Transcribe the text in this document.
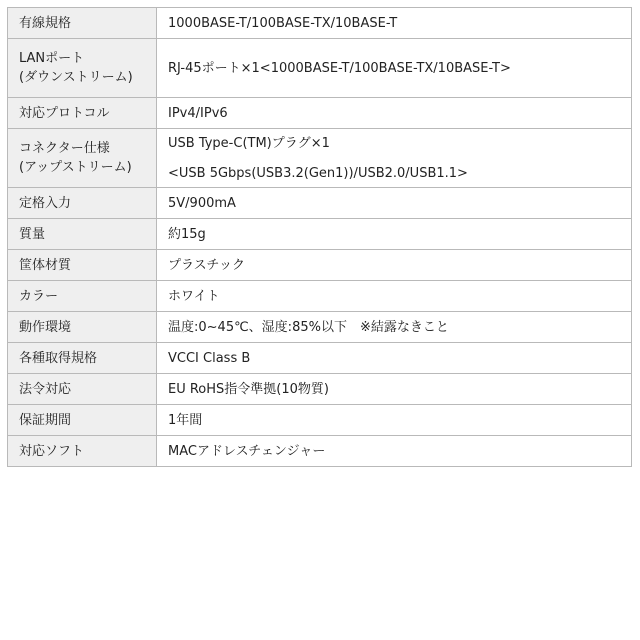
有線規格	1000BASE-T/100BASE-TX/10BASE-T

LANポート
(ダウンストリーム)	RJ-45ポート×1<1000BASE-T/100BASE-TX/10BASE-T>

対応プロトコル	IPv4/IPv6

コネクター仕様
(アップストリーム)	USB Type-C(TM)プラグ×1
<USB 5Gbps(USB3.2(Gen1))/USB2.0/USB1.1>

定格入力	5V/900mA

質量	約15g

筐体材質	プラスチック

カラー	ホワイト

動作環境	温度:0~45℃、湿度:85%以下　※結露なきこと

各種取得規格	VCCI Class B

法令対応	EU RoHS指令準拠(10物質)

保証期間	1年間

対応ソフト	MACアドレスチェンジャー
